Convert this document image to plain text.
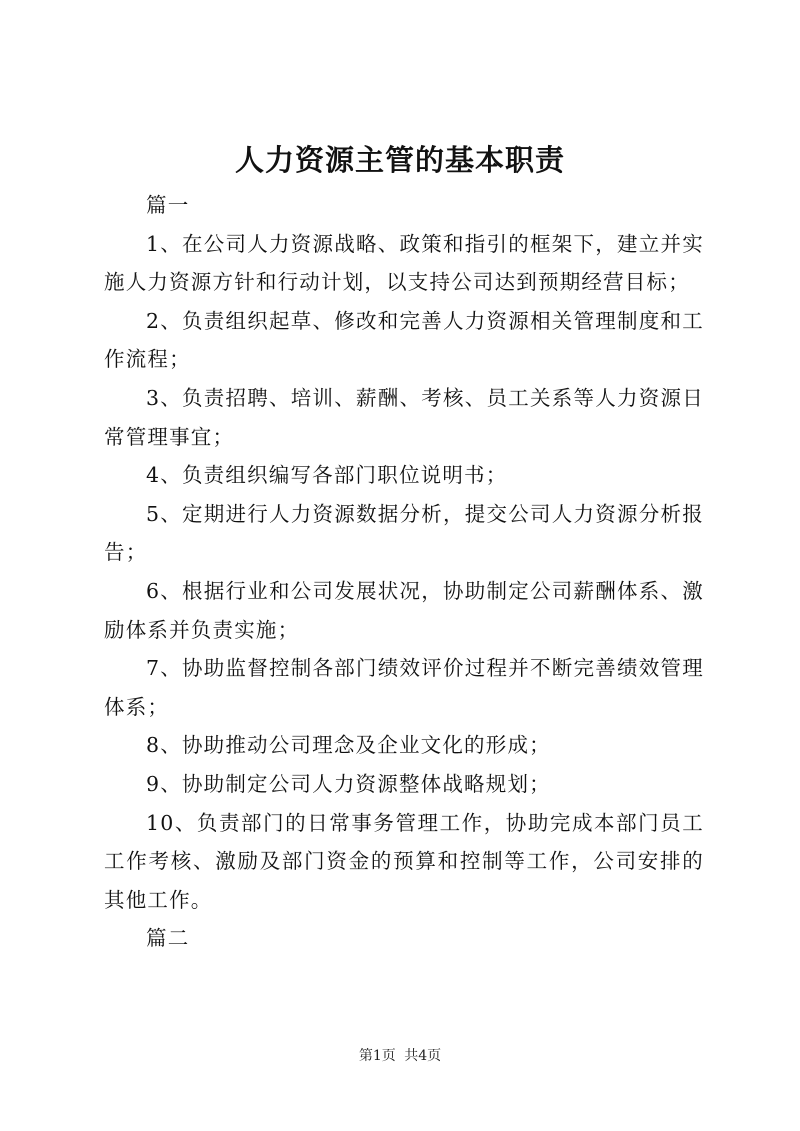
人力资源主管的基本职责

篇一

1、在公司人力资源战略、政策和指引的框架下，建立并实施人力资源方针和行动计划，以支持公司达到预期经营目标；

2、负责组织起草、修改和完善人力资源相关管理制度和工作流程；

3、负责招聘、培训、薪酬、考核、员工关系等人力资源日常管理事宜；

4、负责组织编写各部门职位说明书；

5、定期进行人力资源数据分析，提交公司人力资源分析报告；

6、根据行业和公司发展状况，协助制定公司薪酬体系、激励体系并负责实施；

7、协助监督控制各部门绩效评价过程并不断完善绩效管理体系；

8、协助推动公司理念及企业文化的形成；

9、协助制定公司人力资源整体战略规划；

10、负责部门的日常事务管理工作，协助完成本部门员工工作考核、激励及部门资金的预算和控制等工作，公司安排的其他工作。

篇二

第1页 共4页
